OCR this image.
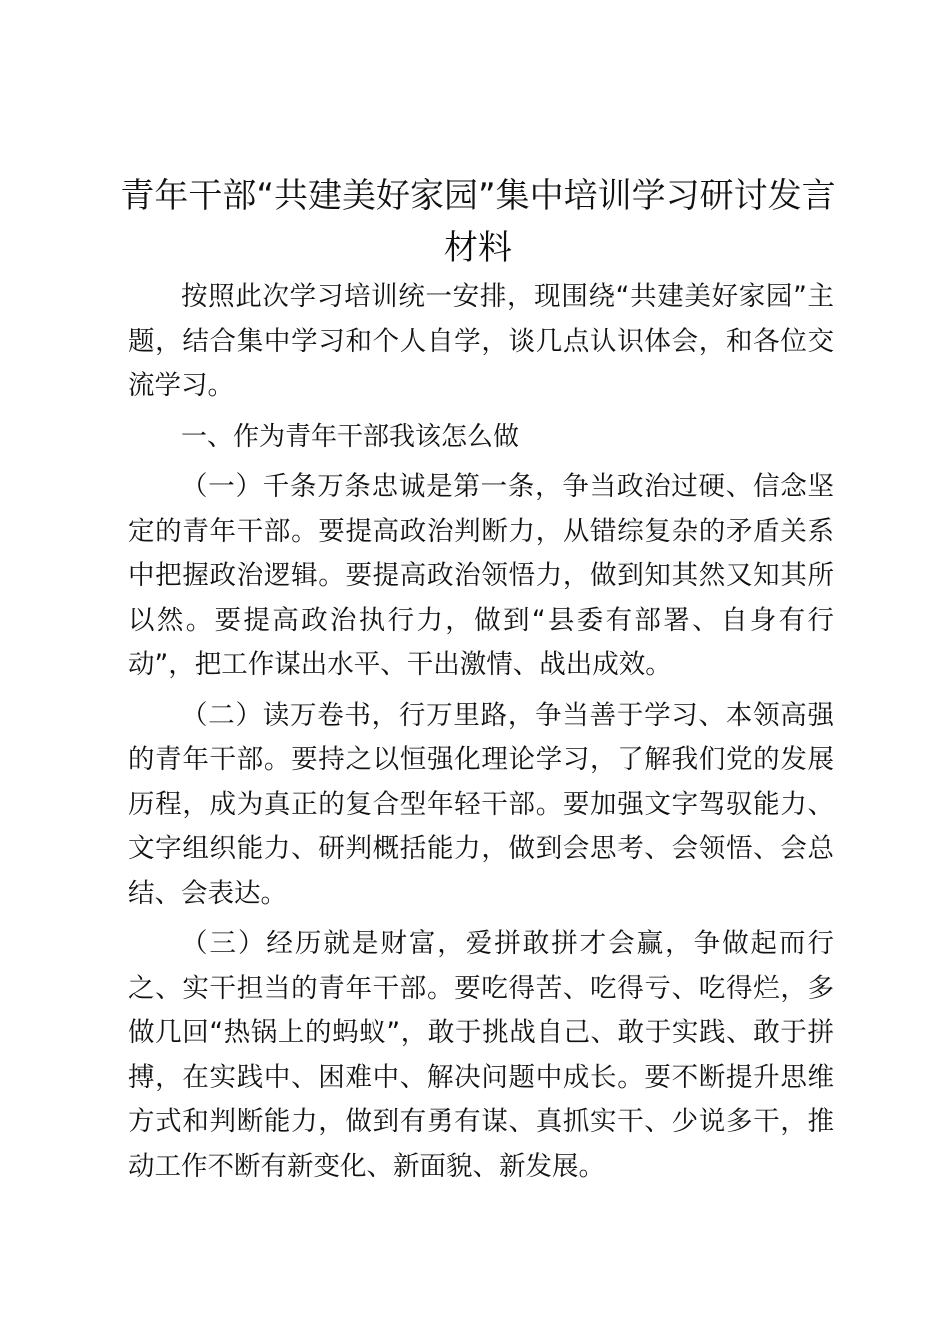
青年干部“共建美好家园”集中培训学习研讨发言材料

按照此次学习培训统一安排，现围绕“共建美好家园”主题，结合集中学习和个人自学，谈几点认识体会，和各位交流学习。

一、作为青年干部我该怎么做

（一）千条万条忠诚是第一条，争当政治过硬、信念坚定的青年干部。要提高政治判断力，从错综复杂的矛盾关系中把握政治逻辑。要提高政治领悟力，做到知其然又知其所以然。要提高政治执行力，做到“县委有部署、自身有行动”，把工作谋出水平、干出激情、战出成效。

（二）读万卷书，行万里路，争当善于学习、本领高强的青年干部。要持之以恒强化理论学习，了解我们党的发展历程，成为真正的复合型年轻干部。要加强文字驾驭能力、文字组织能力、研判概括能力，做到会思考、会领悟、会总结、会表达。

（三）经历就是财富，爱拼敢拼才会赢，争做起而行之、实干担当的青年干部。要吃得苦、吃得亏、吃得烂，多做几回“热锅上的蚂蚁”，敢于挑战自己、敢于实践、敢于拼搏，在实践中、困难中、解决问题中成长。要不断提升思维方式和判断能力，做到有勇有谋、真抓实干、少说多干，推动工作不断有新变化、新面貌、新发展。
